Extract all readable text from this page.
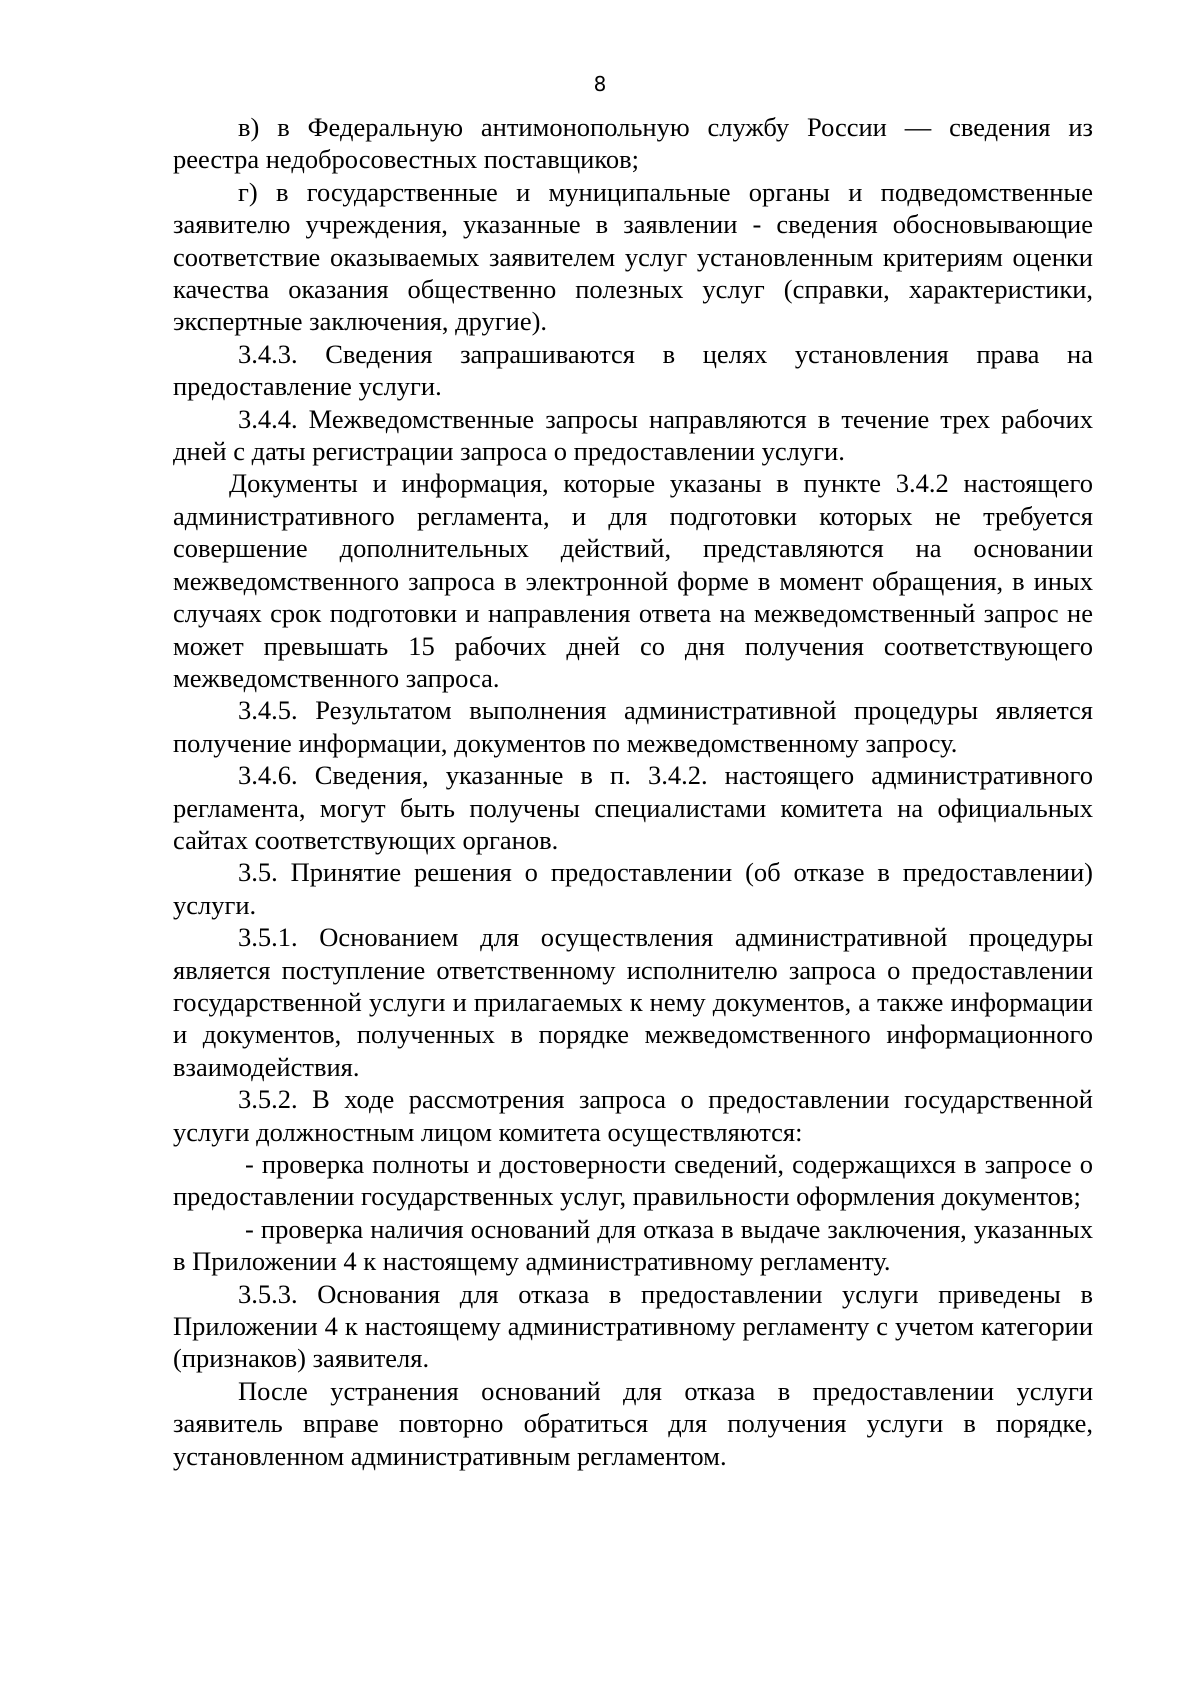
8

в) в Федеральную антимонопольную службу России — сведения из реестра недобросовестных поставщиков;

г) в государственные и муниципальные органы и подведомственные заявителю учреждения, указанные в заявлении - сведения обосновывающие соответствие оказываемых заявителем услуг установленным критериям оценки качества оказания общественно полезных услуг (справки, характеристики, экспертные заключения, другие).

3.4.3. Сведения запрашиваются в целях установления права на предоставление услуги.

3.4.4. Межведомственные запросы направляются в течение трех рабочих дней с даты регистрации запроса о предоставлении услуги.

Документы и информация, которые указаны в пункте 3.4.2 настоящего административного регламента, и для подготовки которых не требуется совершение дополнительных действий, представляются на основании межведомственного запроса в электронной форме в момент обращения, в иных случаях срок подготовки и направления ответа на межведомственный запрос не может превышать 15 рабочих дней со дня получения соответствующего межведомственного запроса.

3.4.5. Результатом выполнения административной процедуры является получение информации, документов по межведомственному запросу.

3.4.6. Сведения, указанные в п. 3.4.2. настоящего административного регламента, могут быть получены специалистами комитета на официальных сайтах соответствующих органов.

3.5. Принятие решения о предоставлении (об отказе в предоставлении) услуги.

3.5.1. Основанием для осуществления административной процедуры является поступление ответственному исполнителю запроса о предоставлении государственной услуги и прилагаемых к нему документов, а также информации и документов, полученных в порядке межведомственного информационного взаимодействия.

3.5.2. В ходе рассмотрения запроса о предоставлении государственной услуги должностным лицом комитета осуществляются:

- проверка полноты и достоверности сведений, содержащихся в запросе о предоставлении государственных услуг, правильности оформления документов;

- проверка наличия оснований для отказа в выдаче заключения, указанных в Приложении 4 к настоящему административному регламенту.

3.5.3. Основания для отказа в предоставлении услуги приведены в Приложении 4 к настоящему административному регламенту с учетом категории (признаков) заявителя.

После устранения оснований для отказа в предоставлении услуги заявитель вправе повторно обратиться для получения услуги в порядке, установленном административным регламентом.
